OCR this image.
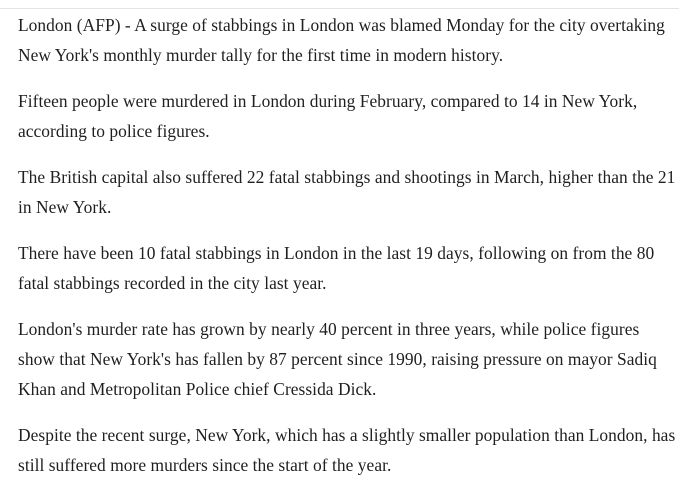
London (AFP) - A surge of stabbings in London was blamed Monday for the city overtaking New York's monthly murder tally for the first time in modern history.

Fifteen people were murdered in London during February, compared to 14 in New York, according to police figures.

The British capital also suffered 22 fatal stabbings and shootings in March, higher than the 21 in New York.

There have been 10 fatal stabbings in London in the last 19 days, following on from the 80 fatal stabbings recorded in the city last year.

London's murder rate has grown by nearly 40 percent in three years, while police figures show that New York's has fallen by 87 percent since 1990, raising pressure on mayor Sadiq Khan and Metropolitan Police chief Cressida Dick.

Despite the recent surge, New York, which has a slightly smaller population than London, has still suffered more murders since the start of the year.
